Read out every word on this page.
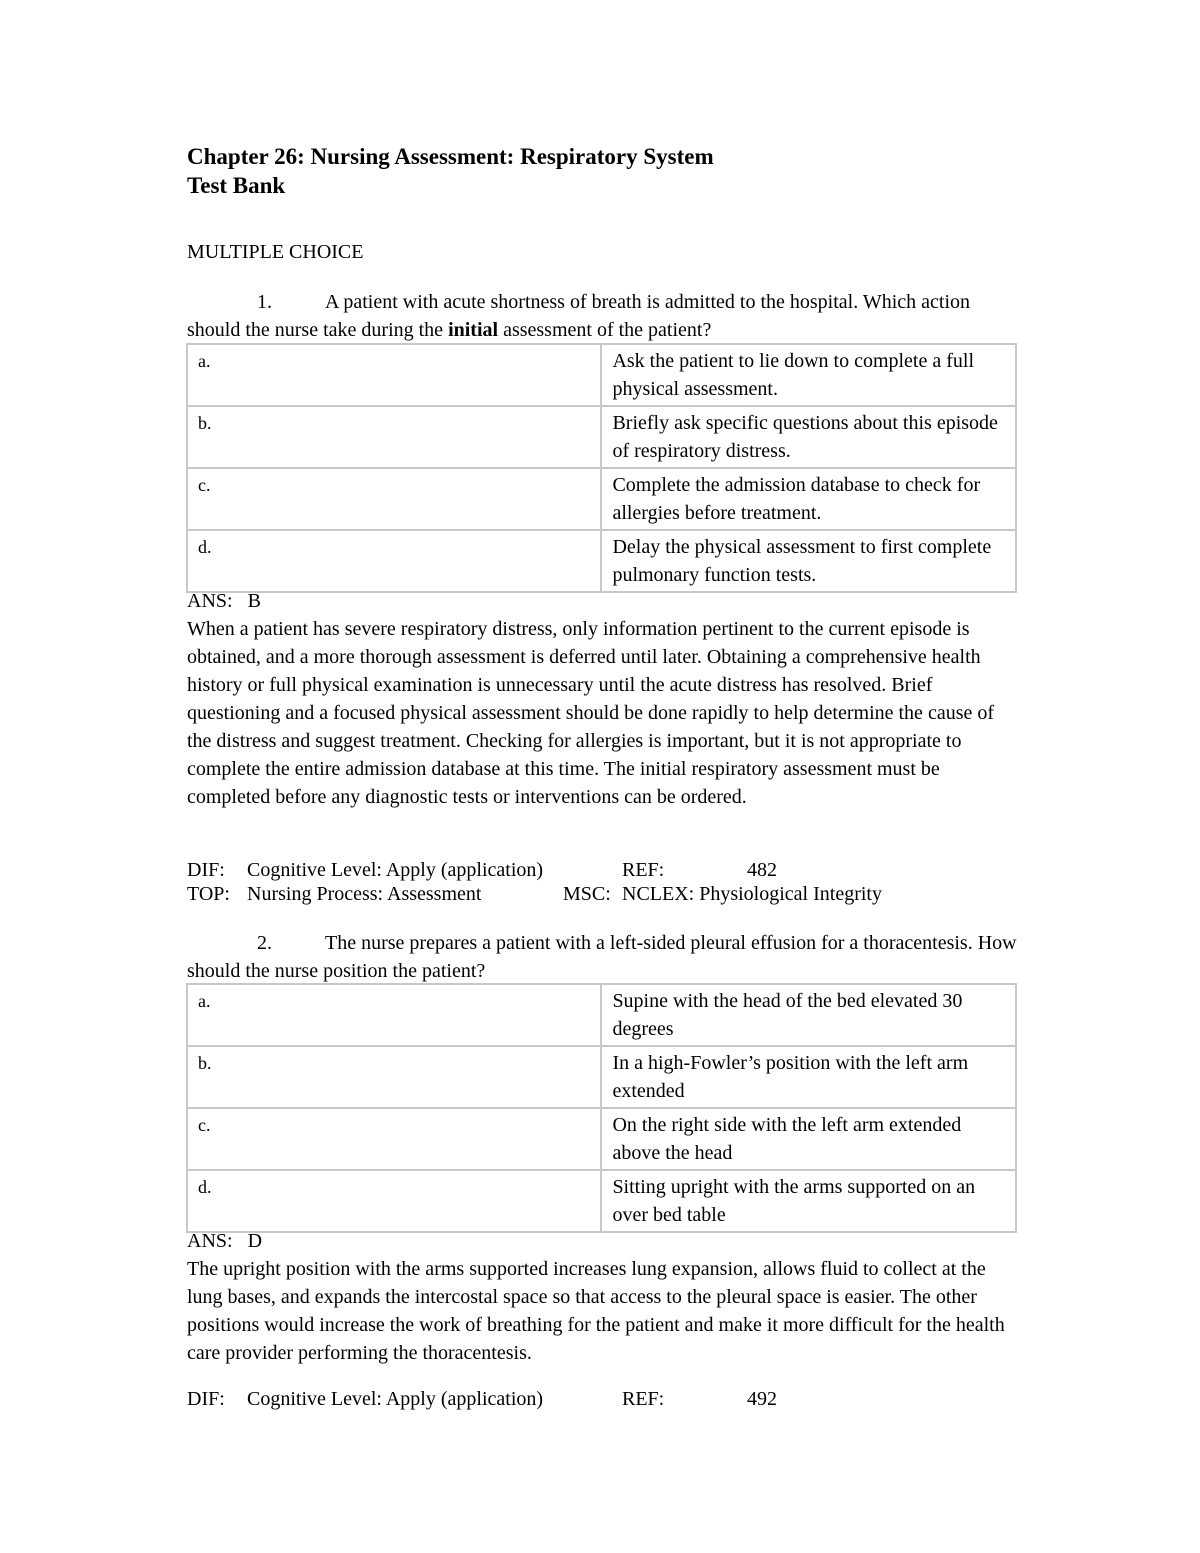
Chapter 26: Nursing Assessment: Respiratory System
Test Bank
MULTIPLE CHOICE
1.	A patient with acute shortness of breath is admitted to the hospital. Which action should the nurse take during the initial assessment of the patient?
a.	Ask the patient to lie down to complete a full physical assessment.
b.	Briefly ask specific questions about this episode of respiratory distress.
c.	Complete the admission database to check for allergies before treatment.
d.	Delay the physical assessment to first complete pulmonary function tests.
ANS: B
When a patient has severe respiratory distress, only information pertinent to the current episode is obtained, and a more thorough assessment is deferred until later. Obtaining a comprehensive health history or full physical examination is unnecessary until the acute distress has resolved. Brief questioning and a focused physical assessment should be done rapidly to help determine the cause of the distress and suggest treatment. Checking for allergies is important, but it is not appropriate to complete the entire admission database at this time. The initial respiratory assessment must be completed before any diagnostic tests or interventions can be ordered.
DIF: Cognitive Level: Apply (application)	REF:	482
TOP: Nursing Process: Assessment	MSC: NCLEX: Physiological Integrity
2.	The nurse prepares a patient with a left-sided pleural effusion for a thoracentesis. How should the nurse position the patient?
a.	Supine with the head of the bed elevated 30 degrees
b.	In a high-Fowler’s position with the left arm extended
c.	On the right side with the left arm extended above the head
d.	Sitting upright with the arms supported on an over bed table
ANS: D
The upright position with the arms supported increases lung expansion, allows fluid to collect at the lung bases, and expands the intercostal space so that access to the pleural space is easier. The other positions would increase the work of breathing for the patient and make it more difficult for the health care provider performing the thoracentesis.
DIF: Cognitive Level: Apply (application)	REF:	492
